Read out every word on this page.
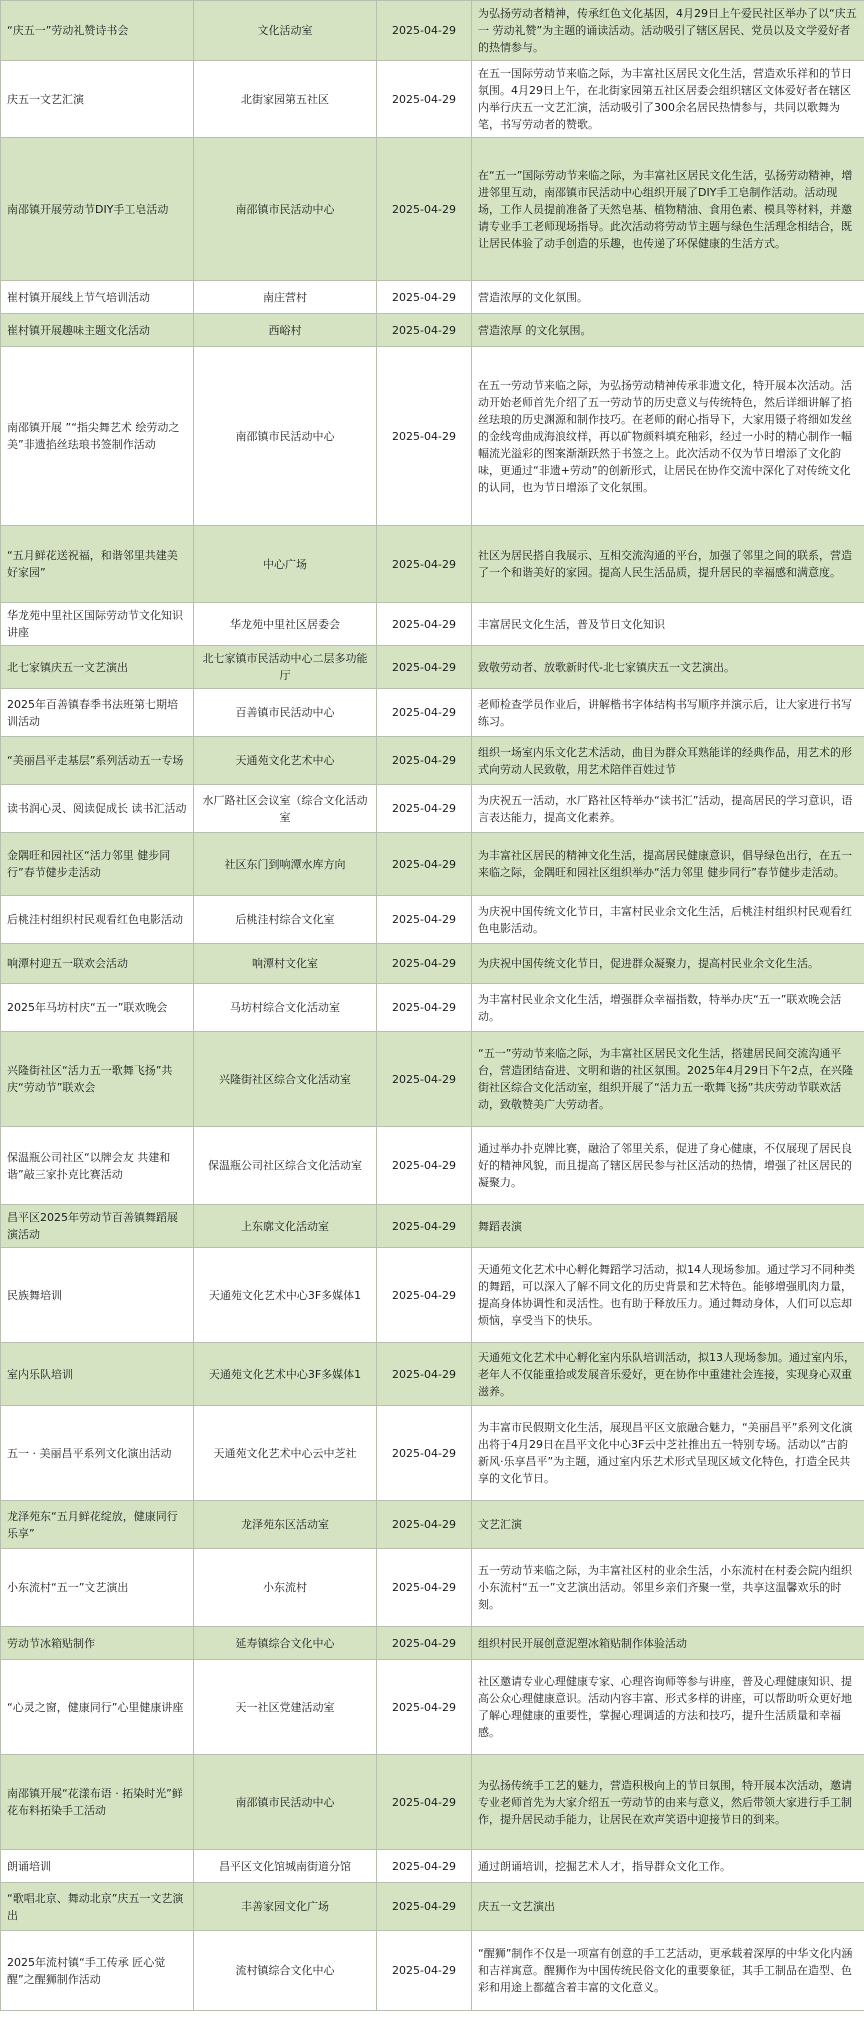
“庆五一”劳动礼赞诗书会	文化活动室	2025-04-29	为弘扬劳动者精神，传承红色文化基因，4月29日上午爱民社区举办了以“庆五一 劳动礼赞”为主题的诵读活动。活动吸引了辖区居民、党员以及文学爱好者的热情参与。
庆五一文艺汇演	北街家园第五社区	2025-04-29	在五一国际劳动节来临之际，为丰富社区居民文化生活，营造欢乐祥和的节日氛围。4月29日上午，在北街家园第五社区居委会组织辖区文体爱好者在辖区内举行庆五一文艺汇演，活动吸引了300余名居民热情参与，共同以歌舞为笔，书写劳动者的赞歌。
南邵镇开展劳动节DIY手工皂活动	南邵镇市民活动中心	2025-04-29	在“五一”国际劳动节来临之际，为丰富社区居民文化生活，弘扬劳动精神，增进邻里互动，南邵镇市民活动中心组织开展了DIY手工皂制作活动。活动现场，工作人员提前准备了天然皂基、植物精油、食用色素、模具等材料，并邀请专业手工老师现场指导。此次活动将劳动节主题与绿色生活理念相结合，既让居民体验了动手创造的乐趣，也传递了环保健康的生活方式。
崔村镇开展线上节气培训活动	南庄营村	2025-04-29	营造浓厚的文化氛围。
崔村镇开展趣味主题文化活动	西峪村	2025-04-29	营造浓厚 的文化氛围。
南邵镇开展 ”“指尖舞艺术 绘劳动之美”非遗掐丝珐琅书签制作活动	南邵镇市民活动中心	2025-04-29	在五一劳动节来临之际，为弘扬劳动精神传承非遗文化，特开展本次活动。活动开始老师首先介绍了五一劳动节的历史意义与传统特色，然后详细讲解了掐丝珐琅的历史渊源和制作技巧。在老师的耐心指导下，大家用镊子将细如发丝的金线弯曲成海浪纹样，再以矿物颜料填充釉彩，经过一小时的精心制作一幅幅流光溢彩的图案渐渐跃然于书签之上。此次活动不仅为节日增添了文化韵味，更通过“非遗+劳动”的创新形式，让居民在协作交流中深化了对传统文化的认同，也为节日增添了文化氛围。
“五月鲜花送祝福，和谐邻里共建美好家园”	中心广场	2025-04-29	社区为居民搭自我展示、互相交流沟通的平台，加强了邻里之间的联系，营造了一个和谐美好的家园。提高人民生活品质，提升居民的幸福感和满意度。
华龙苑中里社区国际劳动节文化知识讲座	华龙苑中里社区居委会	2025-04-29	丰富居民文化生活，普及节日文化知识
北七家镇庆五一文艺演出	北七家镇市民活动中心二层多功能厅	2025-04-29	致敬劳动者、放歌新时代-北七家镇庆五一文艺演出。
2025年百善镇春季书法班第七期培训活动	百善镇市民活动中心	2025-04-29	老师检查学员作业后，讲解楷书字体结构书写顺序并演示后，让大家进行书写练习。
“美丽昌平走基层”系列活动五一专场	天通苑文化艺术中心	2025-04-29	组织一场室内乐文化艺术活动，曲目为群众耳熟能详的经典作品，用艺术的形式向劳动人民致敬，用艺术陪伴百姓过节
读书润心灵、阅读促成长 读书汇活动	水厂路社区会议室（综合文化活动室	2025-04-29	为庆祝五一活动，水厂路社区特举办“读书汇”活动，提高居民的学习意识，语言表达能力，提高文化素养。
金隅旺和园社区“活力邻里 健步同行”春节健步走活动	社区东门到响潭水库方向	2025-04-29	为丰富社区居民的精神文化生活，提高居民健康意识，倡导绿色出行，在五一来临之际，金隅旺和园社区组织举办“活力邻里 健步同行”春节健步走活动。
后桃洼村组织村民观看红色电影活动	后桃洼村综合文化室	2025-04-29	为庆祝中国传统文化节日，丰富村民业余文化生活，后桃洼村组织村民观看红色电影活动。
响潭村迎五一联欢会活动	响潭村文化室	2025-04-29	为庆祝中国传统文化节日，促进群众凝聚力，提高村民业余文化生活。
2025年马坊村庆“五一”联欢晚会	马坊村综合文化活动室	2025-04-29	为丰富村民业余文化生活，增强群众幸福指数，特举办庆“五一”联欢晚会活动。
兴隆街社区“活力五一歌舞飞扬”共庆“劳动节”联欢会	兴隆街社区综合文化活动室	2025-04-29	“五一”劳动节来临之际，为丰富社区居民文化生活，搭建居民间交流沟通平台，营造团结奋进、文明和谐的社区氛围。2025年4月29日下午2点，在兴隆街社区综合文化活动室，组织开展了“活力五一歌舞飞扬”共庆劳动节联欢活动，致敬赞美广大劳动者。
保温瓶公司社区“以牌会友 共建和谐”敲三家扑克比赛活动	保温瓶公司社区综合文化活动室	2025-04-29	通过举办扑克牌比赛，融洽了邻里关系，促进了身心健康，不仅展现了居民良好的精神风貌，而且提高了辖区居民参与社区活动的热情，增强了社区居民的凝聚力。
昌平区2025年劳动节百善镇舞蹈展演活动	上东廓文化活动室	2025-04-29	舞蹈表演
民族舞培训	天通苑文化艺术中心3F多媒体1	2025-04-29	天通苑文化艺术中心孵化舞蹈学习活动，拟14人现场参加。通过学习不同种类的舞蹈，可以深入了解不同文化的历史背景和艺术特色。能够增强肌肉力量，提高身体协调性和灵活性。也有助于释放压力。通过舞动身体，人们可以忘却烦恼，享受当下的快乐。
室内乐队培训	天通苑文化艺术中心3F多媒体1	2025-04-29	天通苑文化艺术中心孵化室内乐队培训活动，拟13人现场参加。通过室内乐，老年人不仅能重拾或发展音乐爱好，更在协作中重建社会连接，实现身心双重滋养。
五一 · 美丽昌平系列文化演出活动	天通苑文化艺术中心云中芝社	2025-04-29	为丰富市民假期文化生活，展现昌平区文旅融合魅力，“美丽昌平”系列文化演出将于4月29日在昌平文化中心3F云中芝社推出五一特别专场。活动以“古韵新风·乐享昌平”为主题，通过室内乐艺术形式呈现区域文化特色，打造全民共享的文化节日。
龙泽苑东“五月鲜花绽放，健康同行乐享”	龙泽苑东区活动室	2025-04-29	文艺汇演
小东流村“五一”文艺演出	小东流村	2025-04-29	五一劳动节来临之际，为丰富社区村的业余生活，小东流村在村委会院内组织小东流村“五一”文艺演出活动。邻里乡亲们齐聚一堂，共享这温馨欢乐的时刻。
劳动节冰箱贴制作	延寿镇综合文化中心	2025-04-29	组织村民开展创意泥塑冰箱贴制作体验活动
“心灵之窗，健康同行”心里健康讲座	天一社区党建活动室	2025-04-29	社区邀请专业心理健康专家、心理咨询师等参与讲座，普及心理健康知识、提高公众心理健康意识。活动内容丰富、形式多样的讲座，可以帮助听众更好地了解心理健康的重要性，掌握心理调适的方法和技巧，提升生活质量和幸福感。
南邵镇开展“花漾布语 · 拓染时光”鲜花布料拓染手工活动	南邵镇市民活动中心	2025-04-29	为弘扬传统手工艺的魅力，营造积极向上的节日氛围，特开展本次活动，邀请专业老师首先为大家介绍五一劳动节的由来与意义，然后带领大家进行手工制作，提升居民动手能力，让居民在欢声笑语中迎接节日的到来。
朗诵培训	昌平区文化馆城南街道分馆	2025-04-29	通过朗诵培训，挖掘艺术人才，指导群众文化工作。
“歌唱北京、舞动北京”庆五一文艺演出	丰善家园文化广场	2025-04-29	庆五一文艺演出
2025年流村镇“手工传承 匠心觉醒”之醒狮制作活动	流村镇综合文化中心	2025-04-29	“醒狮”制作不仅是一项富有创意的手工艺活动，更承载着深厚的中华文化内涵和吉祥寓意。醒狮作为中国传统民俗文化的重要象征，其手工制品在造型、色彩和用途上都蕴含着丰富的文化意义。
